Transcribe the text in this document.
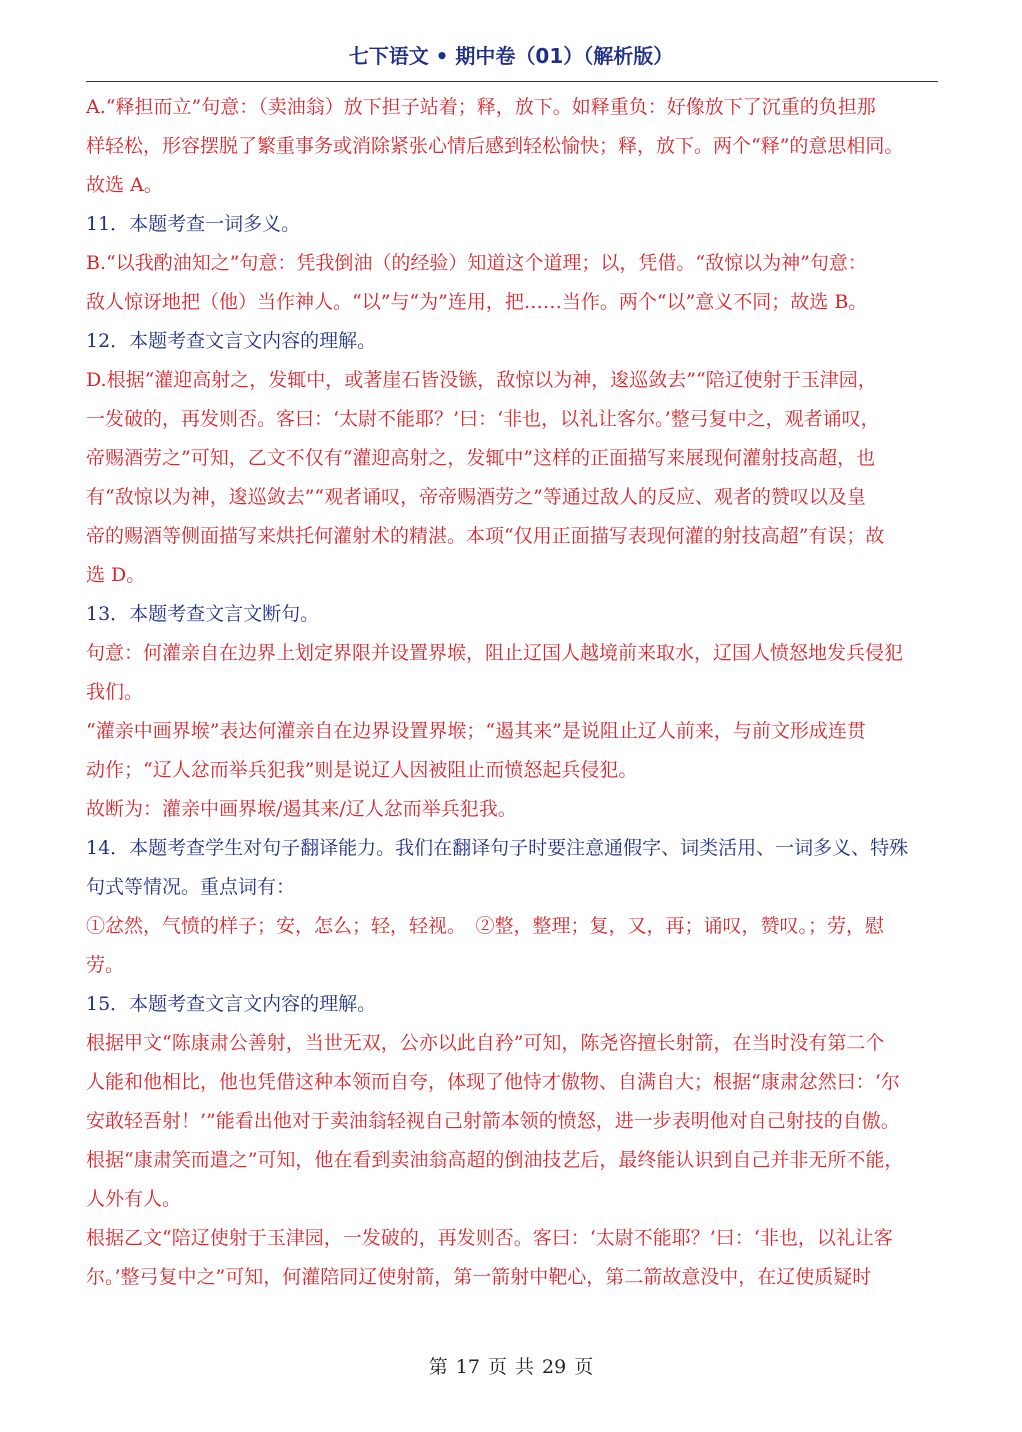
七下语文 • 期中卷（01）（解析版）
A.“释担而立”句意：（卖油翁）放下担子站着；释，放下。如释重负：好像放下了沉重的负担那
样轻松，形容摆脱了繁重事务或消除紧张心情后感到轻松愉快；释，放下。两个“释”的意思相同。
故选 A。
11．本题考查一词多义。
B.“以我酌油知之”句意：凭我倒油（的经验）知道这个道理；以，凭借。“敌惊以为神”句意：
敌人惊讶地把（他）当作神人。“以”与“为”连用，把……当作。两个“以”意义不同；故选 B。
12．本题考查文言文内容的理解。
D.根据“灌迎高射之，发辄中，或著崖石皆没镞，敌惊以为神，逡巡敛去”“陪辽使射于玉津园，
一发破的，再发则否。客曰：‘太尉不能耶？’曰：‘非也，以礼让客尔。’整弓复中之，观者诵叹，
帝赐酒劳之”可知，乙文不仅有“灌迎高射之，发辄中”这样的正面描写来展现何灌射技高超，也
有“敌惊以为神，逡巡敛去”“观者诵叹，帝帝赐酒劳之”等通过敌人的反应、观者的赞叹以及皇
帝的赐酒等侧面描写来烘托何灌射术的精湛。本项“仅用正面描写表现何灌的射技高超”有误；故
选 D。
13．本题考查文言文断句。
句意：何灌亲自在边界上划定界限并设置界堠，阻止辽国人越境前来取水，辽国人愤怒地发兵侵犯
我们。
“灌亲中画界堠”表达何灌亲自在边界设置界堠；“遏其来”是说阻止辽人前来，与前文形成连贯
动作；“辽人忿而举兵犯我”则是说辽人因被阻止而愤怒起兵侵犯。
故断为：灌亲中画界堠/遏其来/辽人忿而举兵犯我。
14．本题考查学生对句子翻译能力。我们在翻译句子时要注意通假字、词类活用、一词多义、特殊
句式等情况。重点词有：
①忿然，气愤的样子；安，怎么；轻，轻视。　②整，整理；复，又，再；诵叹，赞叹。；劳，慰
劳。
15．本题考查文言文内容的理解。
根据甲文“陈康肃公善射，当世无双，公亦以此自矜”可知，陈尧咨擅长射箭，在当时没有第二个
人能和他相比，他也凭借这种本领而自夸，体现了他恃才傲物、自满自大；根据“康肃忿然曰：‘尔
安敢轻吾射！’”能看出他对于卖油翁轻视自己射箭本领的愤怒，进一步表明他对自己射技的自傲。
根据“康肃笑而遣之”可知，他在看到卖油翁高超的倒油技艺后，最终能认识到自己并非无所不能，
人外有人。
根据乙文“陪辽使射于玉津园，一发破的，再发则否。客曰：‘太尉不能耶？’曰：‘非也，以礼让客
尔。’整弓复中之”可知，何灌陪同辽使射箭，第一箭射中靶心，第二箭故意没中，在辽使质疑时
第 17 页 共 29 页
